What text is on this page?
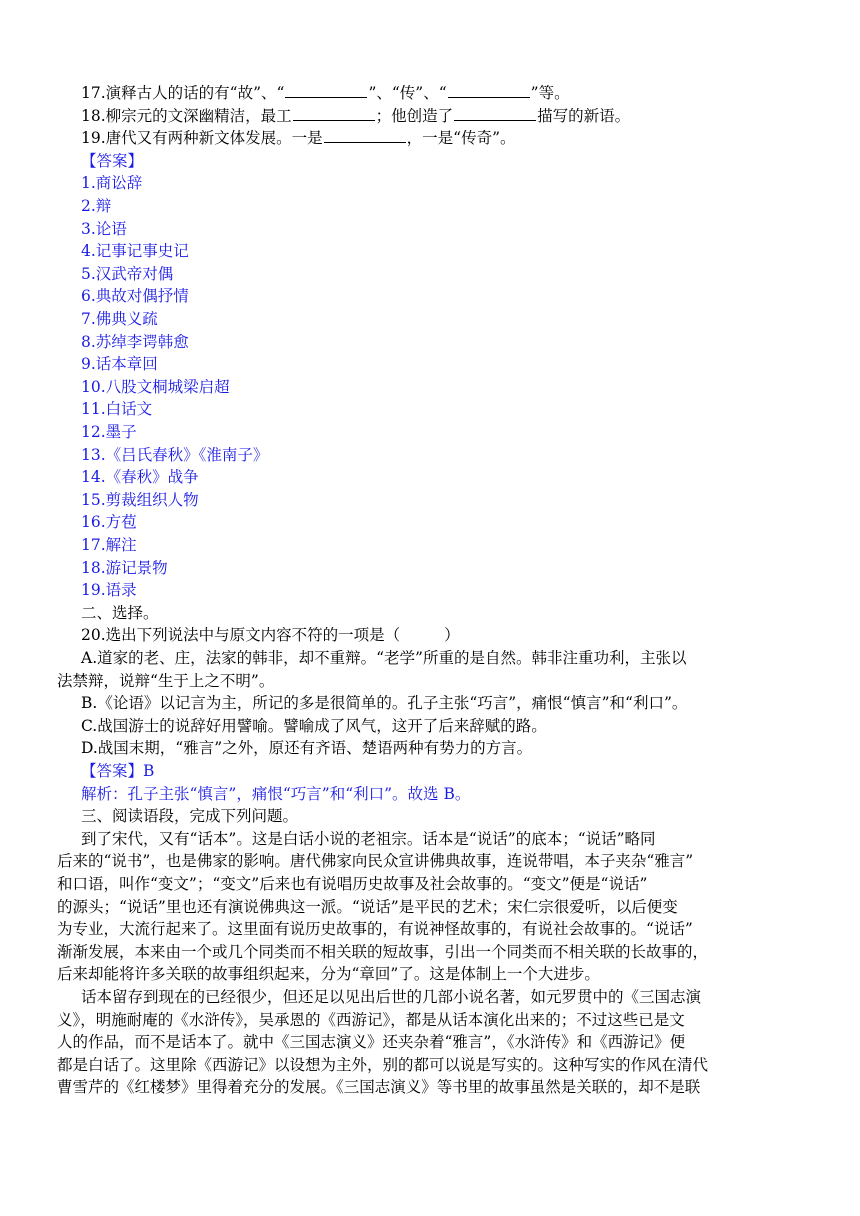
17.演释古人的话的有“故”、“	”、“传”、“	”等。
18.柳宗元的文深幽精洁，最工	；他创造了	描写的新语。
19.唐代又有两种新文体发展。一是	，一是“传奇”。
【答案】
1.商讼辞
2.辩
3.论语
4.记事记事史记
5.汉武帝对偶
6.典故对偶抒情
7.佛典义疏
8.苏绰李谔韩愈
9.话本章回
10.八股文桐城梁启超
11.白话文
12.墨子
13.《吕氏春秋》《淮南子》
14.《春秋》战争
15.剪裁组织人物
16.方苞
17.解注
18.游记景物
19.语录
二、选择。
20.选出下列说法中与原文内容不符的一项是（	）
A.道家的老、庄，法家的韩非，却不重辩。“老学”所重的是自然。韩非注重功利，主张以
法禁辩，说辩“生于上之不明”。
B.《论语》以记言为主，所记的多是很简单的。孔子主张“巧言”，痛恨“慎言”和“利口”。
C.战国游士的说辞好用譬喻。譬喻成了风气，这开了后来辞赋的路。
D.战国末期，“雅言”之外，原还有齐语、楚语两种有势力的方言。
【答案】B
解析：孔子主张“慎言”，痛恨“巧言”和“利口”。故选 B。
三、阅读语段，完成下列问题。
到了宋代，又有“话本”。这是白话小说的老祖宗。话本是“说话”的底本；“说话”略同
后来的“说书”，也是佛家的影响。唐代佛家向民众宣讲佛典故事，连说带唱，本子夹杂“雅言”
和口语，叫作“变文”；“变文”后来也有说唱历史故事及社会故事的。“变文”便是“说话”
的源头；“说话”里也还有演说佛典这一派。“说话”是平民的艺术；宋仁宗很爱听，以后便变
为专业，大流行起来了。这里面有说历史故事的，有说神怪故事的，有说社会故事的。“说话”
渐渐发展，本来由一个或几个同类而不相关联的短故事，引出一个同类而不相关联的长故事的，
后来却能将许多关联的故事组织起来，分为“章回”了。这是体制上一个大进步。
话本留存到现在的已经很少，但还足以见出后世的几部小说名著，如元罗贯中的《三国志演
义》，明施耐庵的《水浒传》，吴承恩的《西游记》，都是从话本演化出来的；不过这些已是文
人的作品，而不是话本了。就中《三国志演义》还夹杂着“雅言”，《水浒传》和《西游记》便
都是白话了。这里除《西游记》以设想为主外，别的都可以说是写实的。这种写实的作风在清代
曹雪芹的《红楼梦》里得着充分的发展。《三国志演义》等书里的故事虽然是关联的，却不是联
